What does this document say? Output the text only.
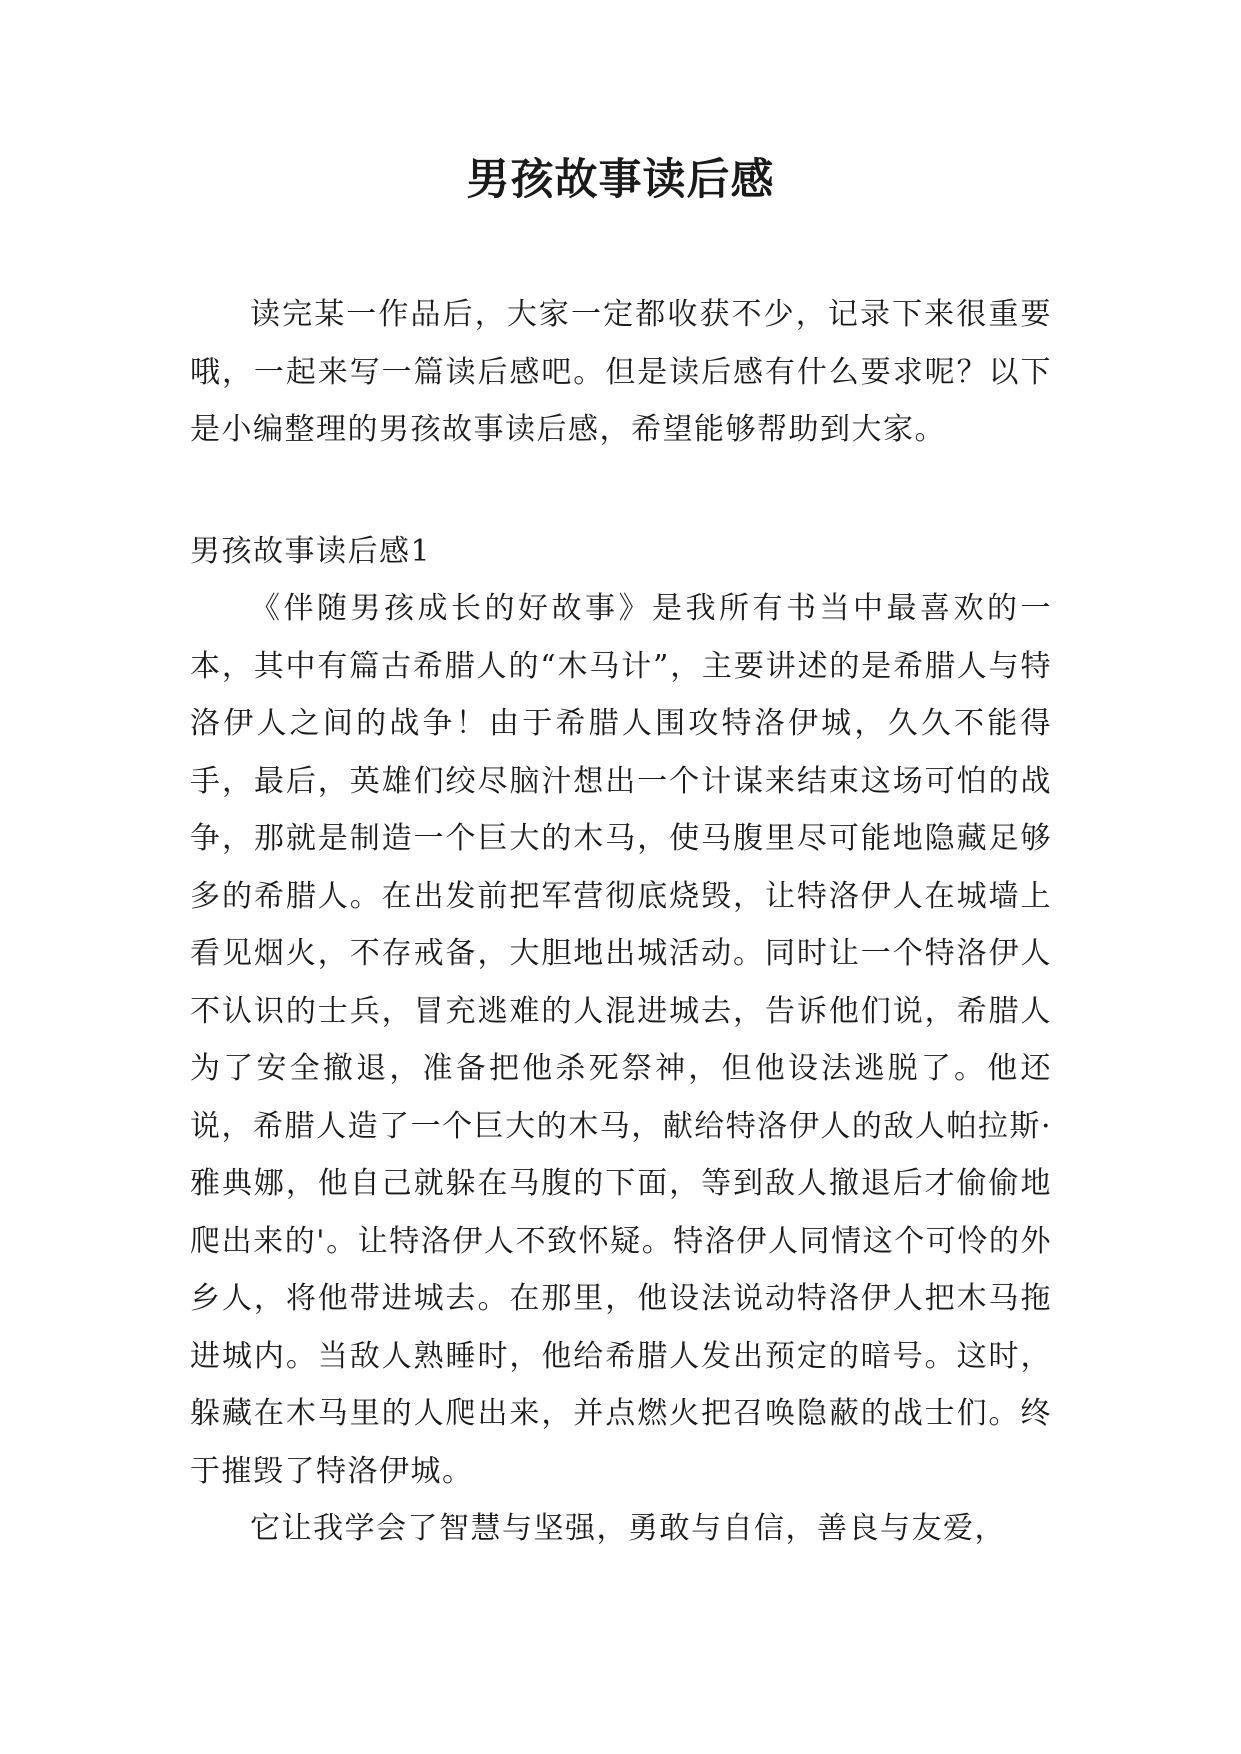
男孩故事读后感

读完某一作品后，大家一定都收获不少，记录下来很重要哦，一起来写一篇读后感吧。但是读后感有什么要求呢？以下是小编整理的男孩故事读后感，希望能够帮助到大家。

男孩故事读后感1

《伴随男孩成长的好故事》是我所有书当中最喜欢的一本，其中有篇古希腊人的“木马计”，主要讲述的是希腊人与特洛伊人之间的战争！由于希腊人围攻特洛伊城，久久不能得手，最后，英雄们绞尽脑汁想出一个计谋来结束这场可怕的战争，那就是制造一个巨大的木马，使马腹里尽可能地隐藏足够多的希腊人。在出发前把军营彻底烧毁，让特洛伊人在城墙上看见烟火，不存戒备，大胆地出城活动。同时让一个特洛伊人不认识的士兵，冒充逃难的人混进城去，告诉他们说，希腊人为了安全撤退，准备把他杀死祭神，但他设法逃脱了。他还说，希腊人造了一个巨大的木马，献给特洛伊人的敌人帕拉斯·雅典娜，他自己就躲在马腹的下面，等到敌人撤退后才偷偷地爬出来的'。让特洛伊人不致怀疑。特洛伊人同情这个可怜的外乡人，将他带进城去。在那里，他设法说动特洛伊人把木马拖进城内。当敌人熟睡时，他给希腊人发出预定的暗号。这时，躲藏在木马里的人爬出来，并点燃火把召唤隐蔽的战士们。终于摧毁了特洛伊城。

它让我学会了智慧与坚强，勇敢与自信，善良与友爱，
